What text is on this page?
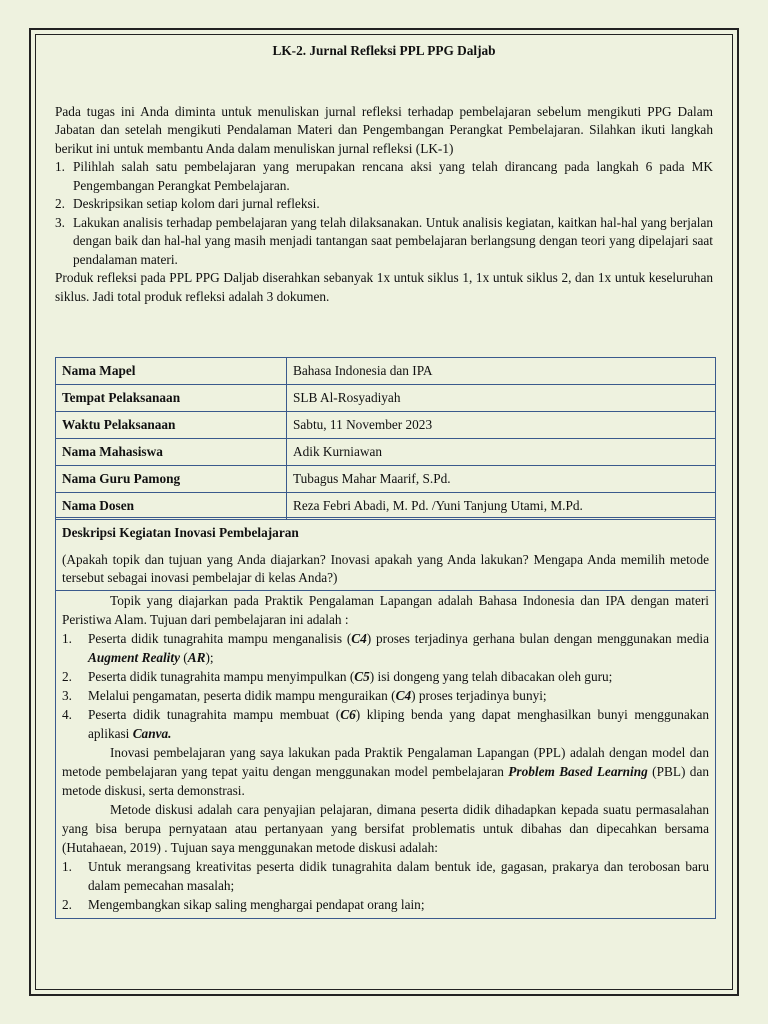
LK-2. Jurnal Refleksi PPL PPG Daljab

Pada tugas ini Anda diminta untuk menuliskan jurnal refleksi terhadap pembelajaran sebelum mengikuti PPG Dalam Jabatan dan setelah mengikuti Pendalaman Materi dan Pengembangan Perangkat Pembelajaran. Silahkan ikuti langkah berikut ini untuk membantu Anda dalam menuliskan jurnal refleksi (LK-1)

1. Pilihlah salah satu pembelajaran yang merupakan rencana aksi yang telah dirancang pada langkah 6 pada MK Pengembangan Perangkat Pembelajaran.
2. Deskripsikan setiap kolom dari jurnal refleksi.
3. Lakukan analisis terhadap pembelajaran yang telah dilaksanakan. Untuk analisis kegiatan, kaitkan hal-hal yang berjalan dengan baik dan hal-hal yang masih menjadi tantangan saat pembelajaran berlangsung dengan teori yang dipelajari saat pendalaman materi.

Produk refleksi pada PPL PPG Daljab diserahkan sebanyak 1x untuk siklus 1, 1x untuk siklus 2, dan 1x untuk keseluruhan siklus. Jadi total produk refleksi adalah 3 dokumen.

Nama Mapel	Bahasa Indonesia dan IPA
Tempat Pelaksanaan	SLB Al-Rosyadiyah
Waktu Pelaksanaan	Sabtu, 11 November 2023
Nama Mahasiswa	Adik Kurniawan
Nama Guru Pamong	Tubagus Mahar Maarif, S.Pd.
Nama Dosen	Reza Febri Abadi, M. Pd. /Yuni Tanjung Utami, M.Pd.
Deskripsi Kegiatan Inovasi Pembelajaran

(Apakah topik dan tujuan yang Anda diajarkan? Inovasi apakah yang Anda lakukan? Mengapa Anda memilih metode tersebut sebagai inovasi pembelajar di kelas Anda?)

Topik yang diajarkan pada Praktik Pengalaman Lapangan adalah Bahasa Indonesia dan IPA dengan materi Peristiwa Alam. Tujuan dari pembelajaran ini adalah :

1. Peserta didik tunagrahita mampu menganalisis (C4) proses terjadinya gerhana bulan dengan menggunakan media Augment Reality (AR);
2. Peserta didik tunagrahita mampu menyimpulkan (C5) isi dongeng yang telah dibacakan oleh guru;
3. Melalui pengamatan, peserta didik mampu menguraikan (C4) proses terjadinya bunyi;
4. Peserta didik tunagrahita mampu membuat (C6) kliping benda yang dapat menghasilkan bunyi menggunakan aplikasi Canva.

Inovasi pembelajaran yang saya lakukan pada Praktik Pengalaman Lapangan (PPL) adalah dengan model dan metode pembelajaran yang tepat yaitu dengan menggunakan model pembelajaran Problem Based Learning (PBL) dan metode diskusi, serta demonstrasi.

Metode diskusi adalah cara penyajian pelajaran, dimana peserta didik dihadapkan kepada suatu permasalahan yang bisa berupa pernyataan atau pertanyaan yang bersifat problematis untuk dibahas dan dipecahkan bersama (Hutahaean, 2019) . Tujuan saya menggunakan metode diskusi adalah:

1. Untuk merangsang kreativitas peserta didik tunagrahita dalam bentuk ide, gagasan, prakarya dan terobosan baru dalam pemecahan masalah;
2. Mengembangkan sikap saling menghargai pendapat orang lain;
